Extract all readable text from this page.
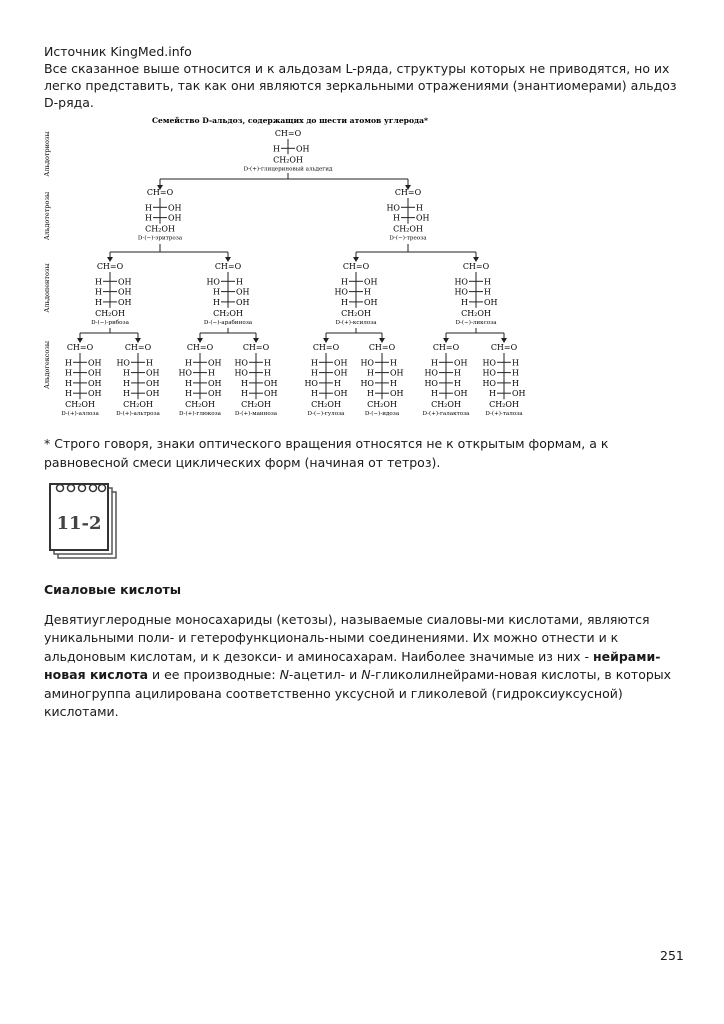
Источник KingMed.info
Все сказанное выше относится и к альдозам L-ряда, структуры которых не приводятся, но их легко представить, так как они являются зеркальными отражениями (энантиомерами) альдоз D-ряда.
Семейство D-альдоз, содержащих до шести атомов углерода*
Альдотриозы
Альдотетрозы
Альдопентозы
Альдогексозы
CH=O
H OH
CH₂OH
D-(+)-глицериновый альдегид
CH=O
H OH
H OH
CH₂OH
D-(−)-эритроза
CH=O
HO H
H OH
CH₂OH
D-(−)-треоза
CH=O
H OH
H OH
H OH
CH₂OH
D-(−)-рибоза
CH=O
HO H
H OH
H OH
CH₂OH
D-(−)-арабиноза
CH=O
H OH
HO H
H OH
CH₂OH
D-(+)-ксилоза
CH=O
HO H
HO H
H OH
CH₂OH
D-(−)-ликсоза
CH=O
H OH
H OH
H OH
H OH
CH₂OH
D-(+)-аллоза
CH=O
HO H
H OH
H OH
H OH
CH₂OH
D-(+)-альтроза
CH=O
H OH
HO H
H OH
H OH
CH₂OH
D-(+)-глюкоза
CH=O
HO H
HO H
H OH
H OH
CH₂OH
D-(+)-манноза
CH=O
H OH
H OH
HO H
H OH
CH₂OH
D-(−)-гулоза
CH=O
HO H
H OH
HO H
H OH
CH₂OH
D-(−)-идоза
CH=O
H OH
HO H
HO H
H OH
CH₂OH
D-(+)-галактоза
CH=O
HO H
HO H
HO H
H OH
CH₂OH
D-(+)-талоза
* Строго говоря, знаки оптического вращения относятся не к открытым формам, а к равновесной смеси циклических форм (начиная от тетроз).
11-2
Сиаловые кислоты
Девятиуглеродные моносахариды (кетозы), называемые сиаловы-ми кислотами, являются уникальными поли- и гетерофункциональ-ными соединениями. Их можно отнести и к альдоновым кислотам, и к дезокси- и аминосахарам. Наиболее значимые из них - нейрами-новая кислота и ее производные: N-ацетил- и N-гликолилнейрами-новая кислоты, в которых аминогруппа ацилирована соответственно уксусной и гликолевой (гидроксиуксусной) кислотами.
251
